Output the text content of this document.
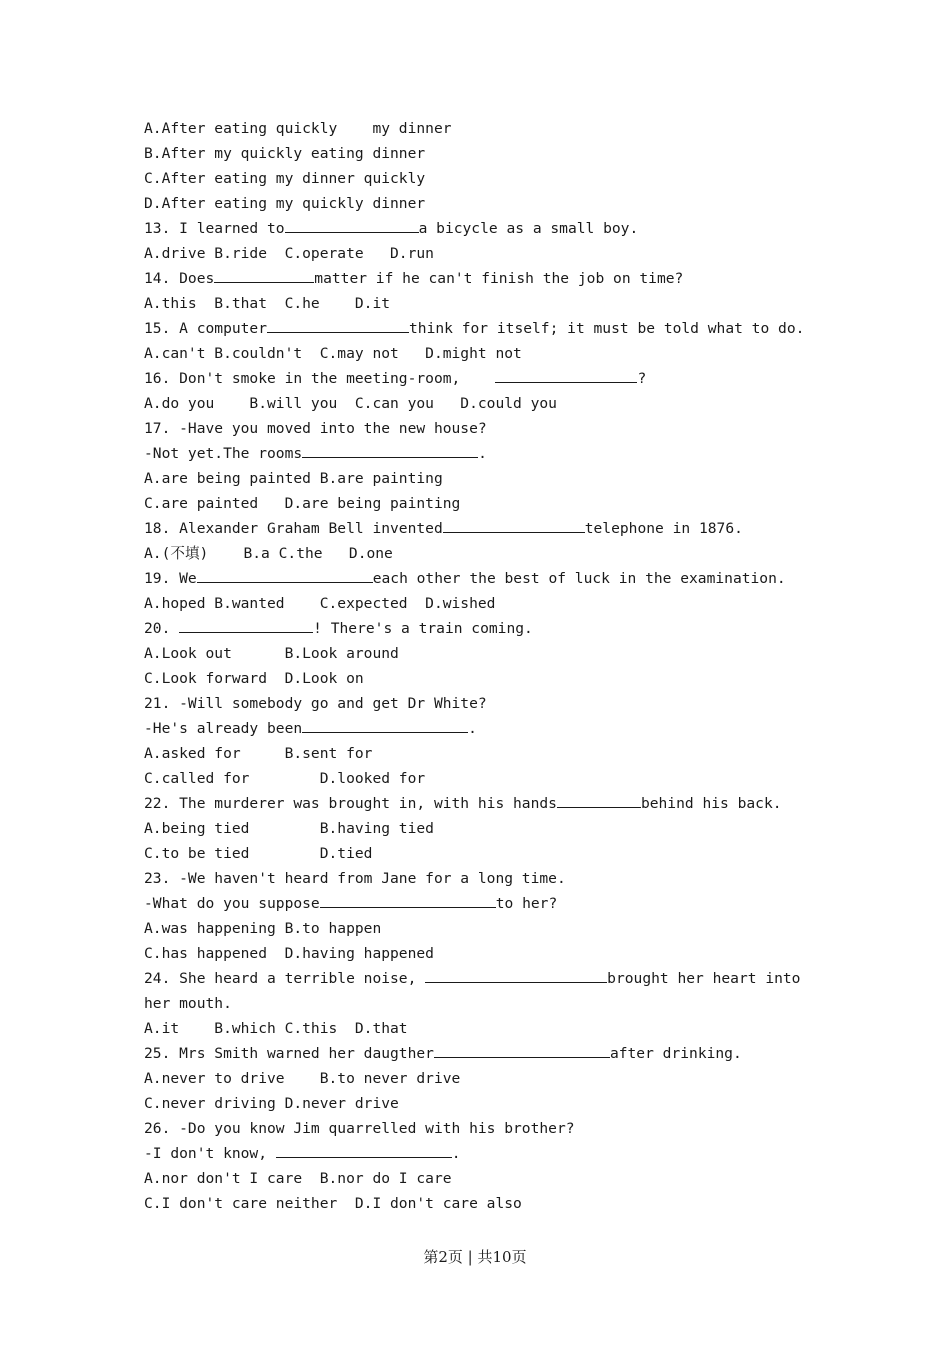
A.After eating quickly    my dinner
B.After my quickly eating dinner
C.After eating my dinner quickly
D.After eating my quickly dinner
13. I learned to	a bicycle as a small boy.
A.drive B.ride  C.operate   D.run
14. Does	matter if he can't finish the job on time?
A.this  B.that  C.he    D.it
15. A computer	think for itself; it must be told what to do.
A.can't B.couldn't  C.may not   D.might not
16. Don't smoke in the meeting-room,	?
A.do you    B.will you  C.can you   D.could you
17. -Have you moved into the new house?
-Not yet.The rooms	.
A.are being painted B.are painting
C.are painted   D.are being painting
18. Alexander Graham Bell invented	telephone in 1876.
A.(不填)    B.a C.the   D.one
19. We	each other the best of luck in the examination.
A.hoped B.wanted    C.expected  D.wished
20.	! There's a train coming.
A.Look out      B.Look around
C.Look forward  D.Look on
21. -Will somebody go and get Dr White?
-He's already been	.
A.asked for     B.sent for
C.called for        D.looked for
22. The murderer was brought in, with his hands	behind his back.
A.being tied        B.having tied
C.to be tied        D.tied
23. -We haven't heard from Jane for a long time.
-What do you suppose	to her?
A.was happening B.to happen
C.has happened  D.having happened
24. She heard a terrible noise,	brought her heart into
her mouth.
A.it    B.which C.this  D.that
25. Mrs Smith warned her daugther	after drinking.
A.never to drive    B.to never drive
C.never driving D.never drive
26. -Do you know Jim quarrelled with his brother?
-I don't know,	.
A.nor don't I care  B.nor do I care
C.I don't care neither  D.I don't care also
第2页 | 共10页
